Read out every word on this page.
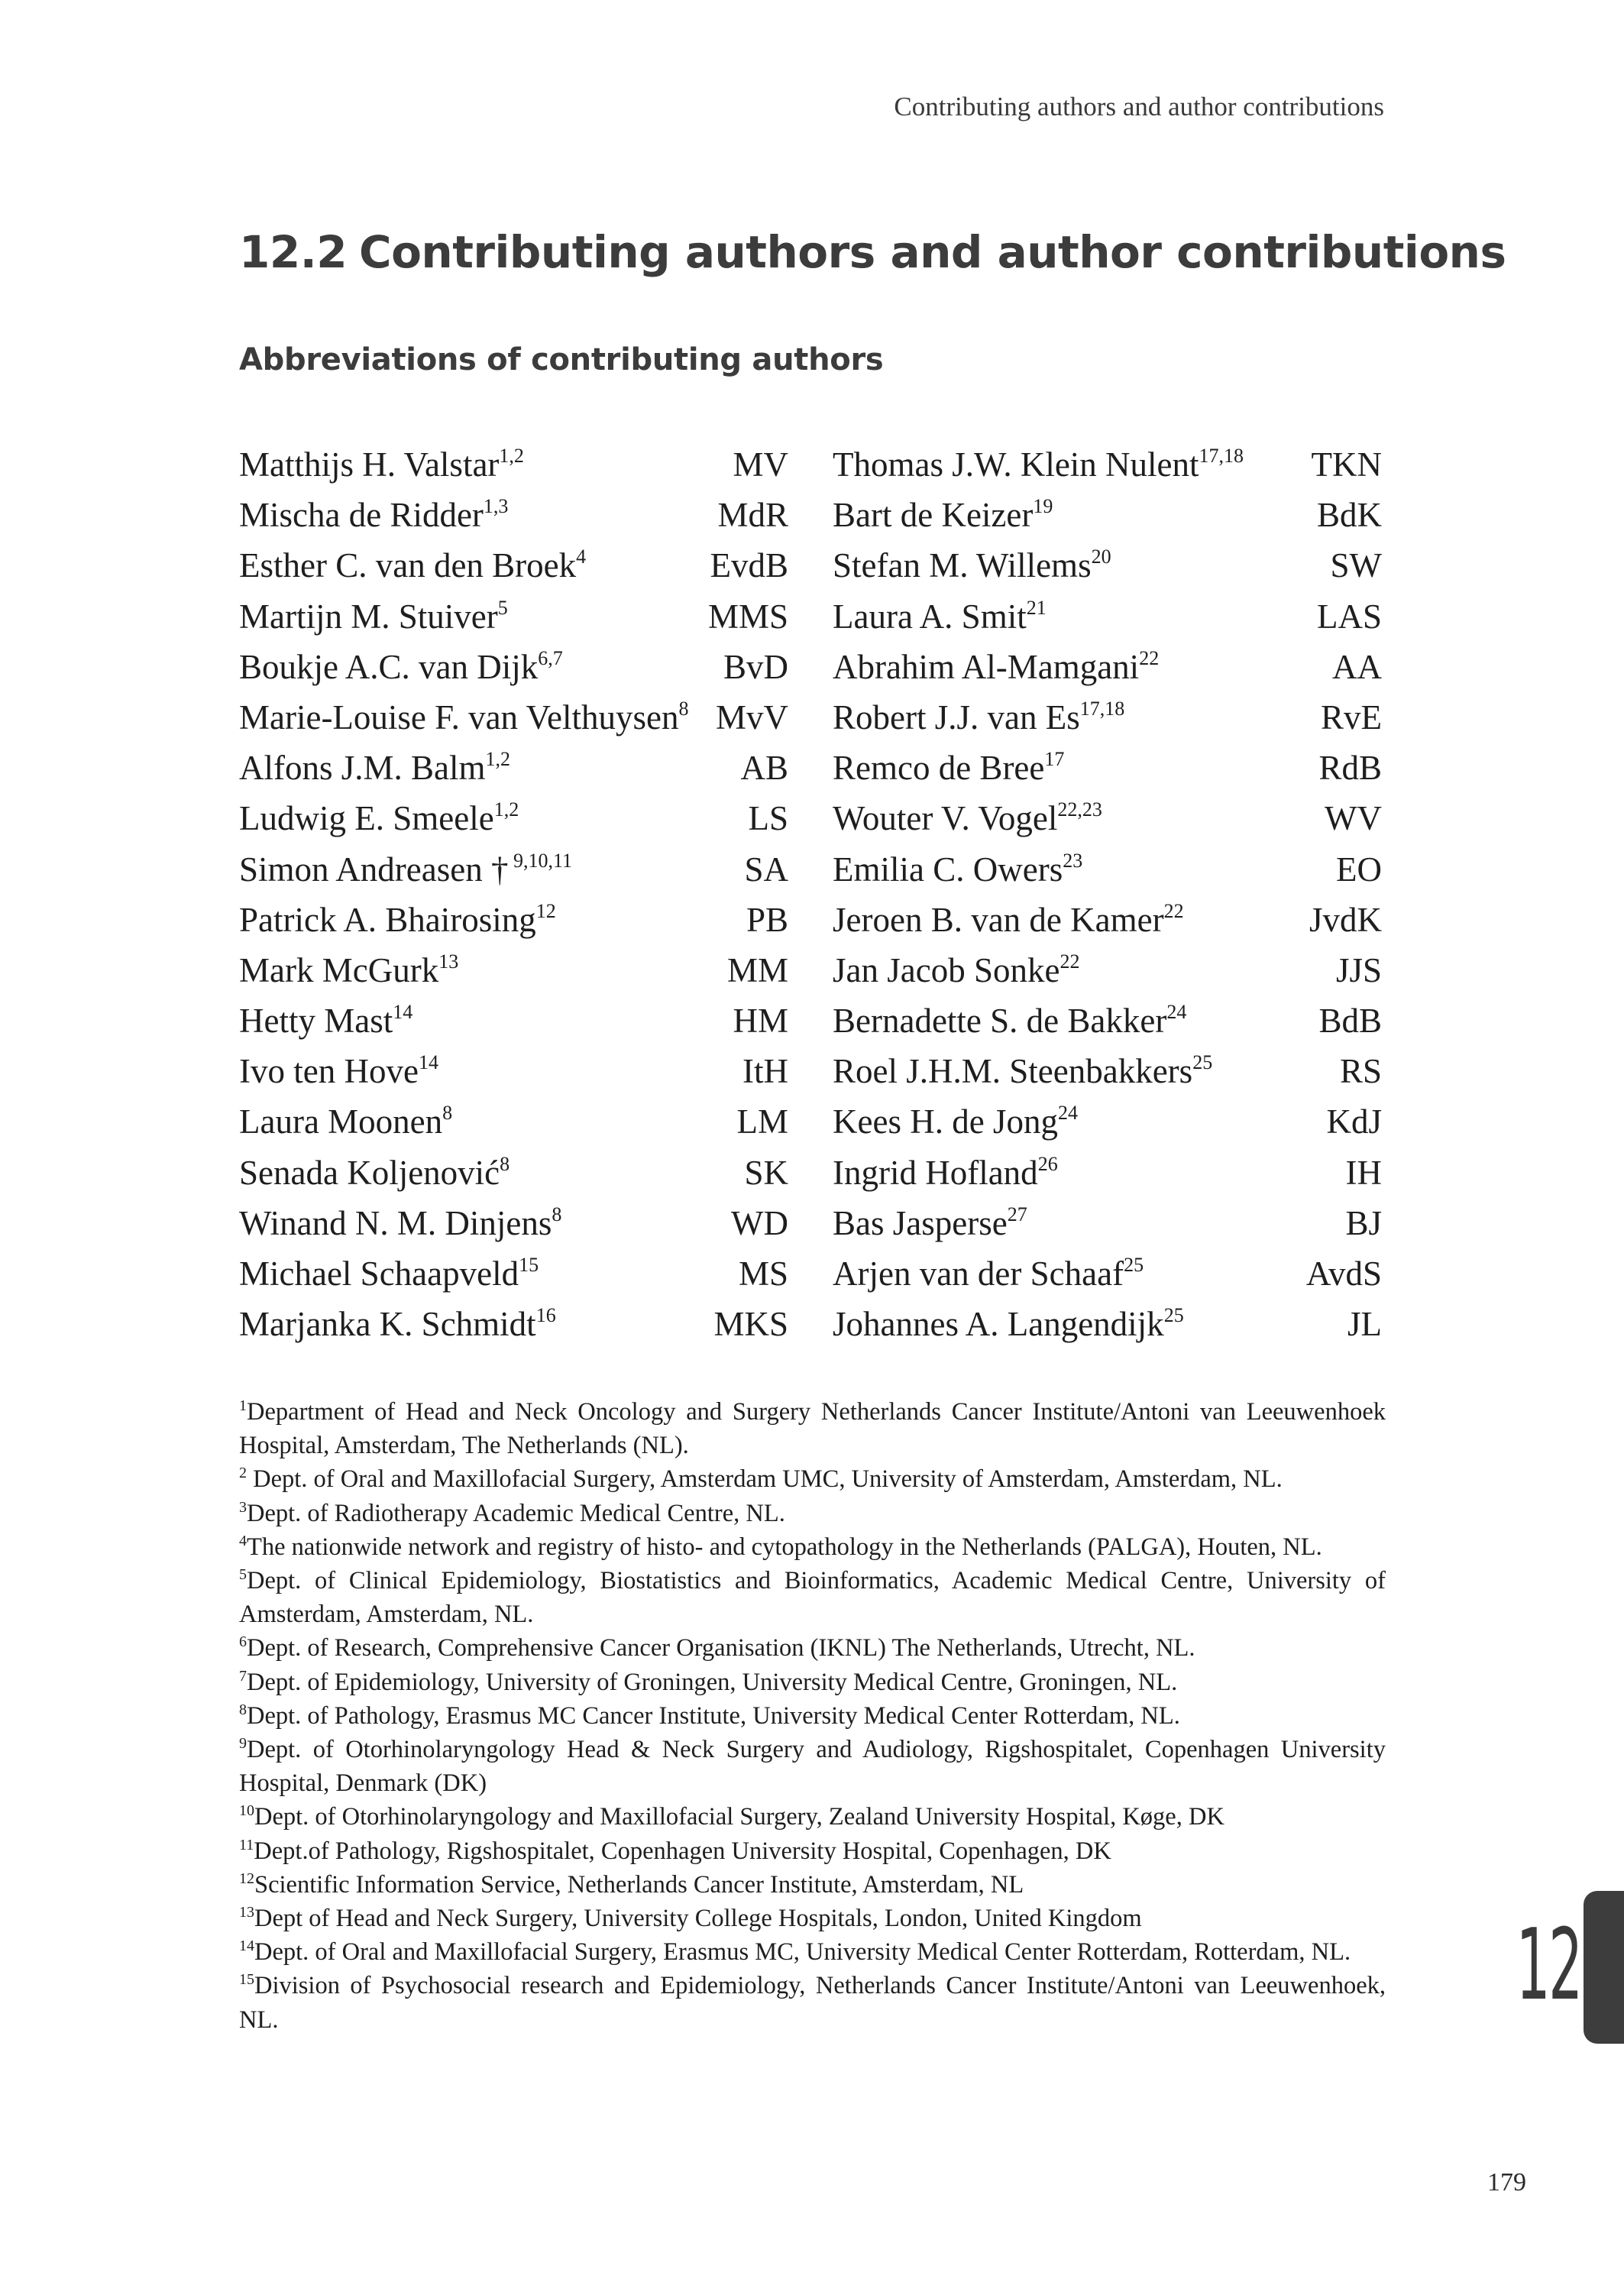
Contributing authors and author contributions
12.2 Contributing authors and author contributions
Abbreviations of contributing authors
Matthijs H. Valstar$^{1,2}$	MV Thomas J.W. Klein Nulent$^{17,18}$ TKN
Mischa de Ridder$^{1,3}$	MdR Bart de Keizer$^{19}$	BdK
Esther C. van den Broek$^4$	EvdB Stefan M. Willems$^{20}$	SW
Martijn M. Stuiver$^5$	MMS Laura A. Smit$^{21}$	LAS
Boukje A.C. van Dijk$^{6,7}$	BvD Abrahim Al-Mamgani$^{22}$	AA
Marie-Louise F. van Velthuysen$^8$ MvV Robert J.J. van Es$^{17,18}$	RvE
Alfons J.M. Balm$^{1,2}$	AB Remco de Bree$^{17}$	RdB
Ludwig E. Smeele$^{1,2}$	LS Wouter V. Vogel$^{22,23}$	WV
Simon Andreasen † $^{9,10,11}$	SA Emilia C. Owers$^{23}$	EO
Patrick A. Bhairosing$^{12}$	PB Jeroen B. van de Kamer$^{22}$	JvdK
Mark McGurk$^{13}$	MM Jan Jacob Sonke$^{22}$	JJS
Hetty Mast$^{14}$	HM Bernadette S. de Bakker$^{24}$	BdB
Ivo ten Hove$^{14}$	ItH Roel J.H.M. Steenbakkers$^{25}$	RS
Laura Moonen$^8$	LM Kees H. de Jong$^{24}$	KdJ
Senada Koljenović$^8$	SK Ingrid Hofland$^{26}$	IH
Winand N. M. Dinjens$^8$	WD Bas Jasperse$^{27}$	BJ
Michael Schaapveld$^{15}$	MS Arjen van der Schaaf$^{25}$	AvdS
Marjanka K. Schmidt$^{16}$	MKS Johannes A. Langendijk$^{25}$	JL

$^1$Department of Head and Neck Oncology and Surgery Netherlands Cancer Institute/Antoni van Leeuwenhoek Hospital, Amsterdam, The Netherlands (NL).

$^2$ Dept. of Oral and Maxillofacial Surgery, Amsterdam UMC, University of Amsterdam, Amsterdam, NL.

$^3$Dept. of Radiotherapy Academic Medical Centre, NL.

$^4$The nationwide network and registry of histo- and cytopathology in the Netherlands (PALGA), Houten, NL.

$^5$Dept. of Clinical Epidemiology, Biostatistics and Bioinformatics, Academic Medical Centre, University of Amsterdam, Amsterdam, NL.

$^6$Dept. of Research, Comprehensive Cancer Organisation (IKNL) The Netherlands, Utrecht, NL.

$^7$Dept. of Epidemiology, University of Groningen, University Medical Centre, Groningen, NL.

$^8$Dept. of Pathology, Erasmus MC Cancer Institute, University Medical Center Rotterdam, NL.

$^9$Dept. of Otorhinolaryngology Head & Neck Surgery and Audiology, Rigshospitalet, Copenhagen University Hospital, Denmark (DK)

$^{10}$Dept. of Otorhinolaryngology and Maxillofacial Surgery, Zealand University Hospital, Køge, DK

$^{11}$Dept.of Pathology, Rigshospitalet, Copenhagen University Hospital, Copenhagen, DK

$^{12}$Scientific Information Service, Netherlands Cancer Institute, Amsterdam, NL

$^{13}$Dept of Head and Neck Surgery, University College Hospitals, London, United Kingdom

$^{14}$Dept. of Oral and Maxillofacial Surgery, Erasmus MC, University Medical Center Rotterdam, Rotterdam, NL.

$^{15}$Division of Psychosocial research and Epidemiology, Netherlands Cancer Institute/Antoni van Leeuwenhoek, NL.	12
179
